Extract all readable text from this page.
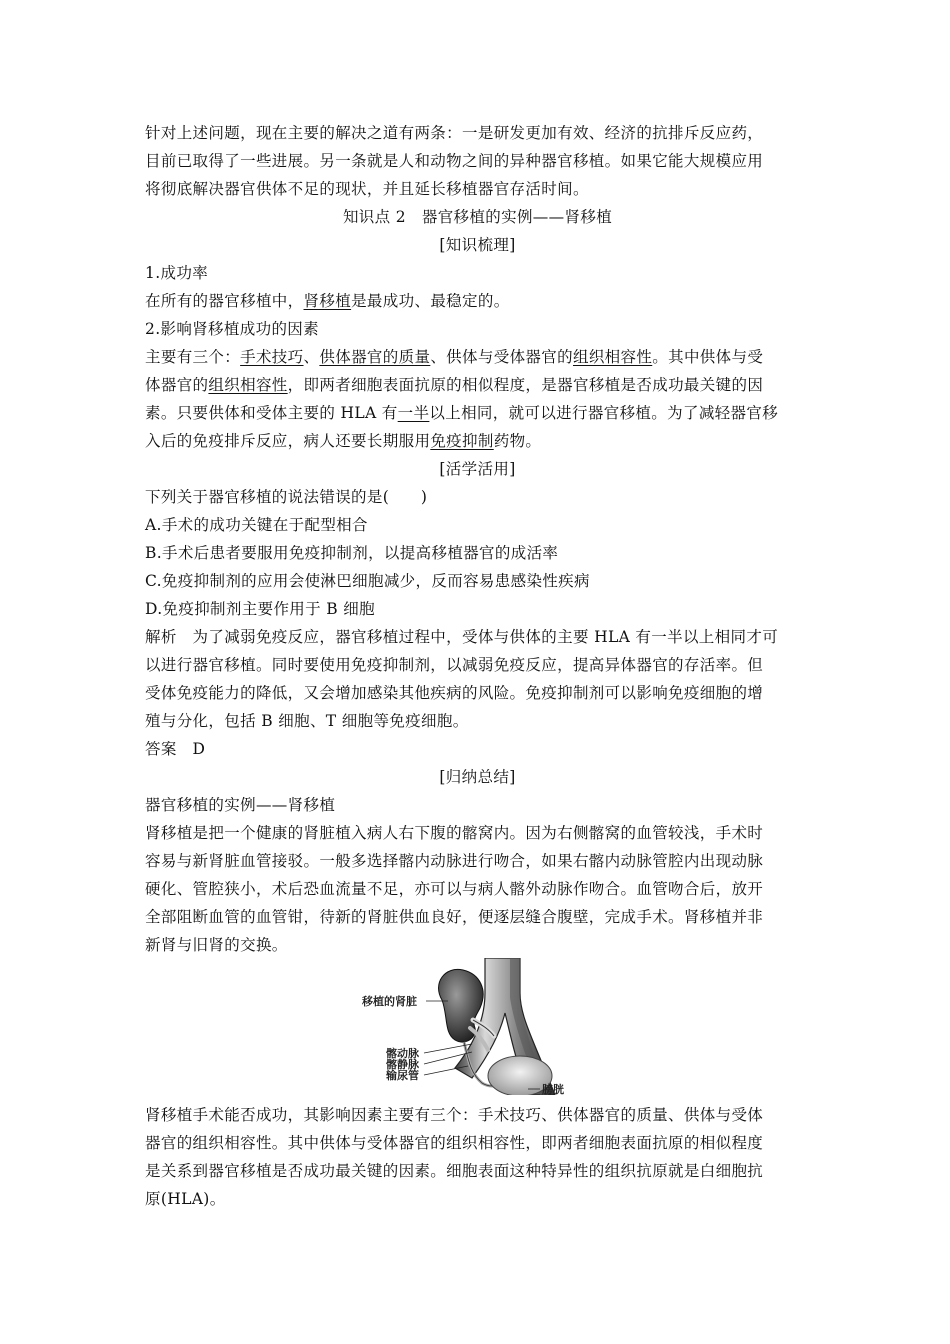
针对上述问题，现在主要的解决之道有两条：一是研发更加有效、经济的抗排斥反应药，
目前已取得了一些进展。另一条就是人和动物之间的异种器官移植。如果它能大规模应用
将彻底解决器官供体不足的现状，并且延长移植器官存活时间。
知识点 2　器官移植的实例——肾移植
[知识梳理]
1.成功率
在所有的器官移植中，肾移植是最成功、最稳定的。
2.影响肾移植成功的因素
主要有三个：手术技巧、供体器官的质量、供体与受体器官的组织相容性。其中供体与受
体器官的组织相容性，即两者细胞表面抗原的相似程度，是器官移植是否成功最关键的因
素。只要供体和受体主要的 HLA 有一半以上相同，就可以进行器官移植。为了减轻器官移
入后的免疫排斥反应，病人还要长期服用免疫抑制药物。
[活学活用]
下列关于器官移植的说法错误的是(　　)
A.手术的成功关键在于配型相合
B.手术后患者要服用免疫抑制剂，以提高移植器官的成活率
C.免疫抑制剂的应用会使淋巴细胞减少，反而容易患感染性疾病
D.免疫抑制剂主要作用于 B 细胞
解析　为了减弱免疫反应，器官移植过程中，受体与供体的主要 HLA 有一半以上相同才可
以进行器官移植。同时要使用免疫抑制剂，以减弱免疫反应，提高异体器官的存活率。但
受体免疫能力的降低，又会增加感染其他疾病的风险。免疫抑制剂可以影响免疫细胞的增
殖与分化，包括 B 细胞、T 细胞等免疫细胞。
答案　D
[归纳总结]
器官移植的实例——肾移植
肾移植是把一个健康的肾脏植入病人右下腹的髂窝内。因为右侧髂窝的血管较浅，手术时
容易与新肾脏血管接驳。一般多选择髂内动脉进行吻合，如果右髂内动脉管腔内出现动脉
硬化、管腔狭小，术后恐血流量不足，亦可以与病人髂外动脉作吻合。血管吻合后，放开
全部阻断血管的血管钳，待新的肾脏供血良好，便逐层缝合腹壁，完成手术。肾移植并非
新肾与旧肾的交换。
移植的肾脏
髂动脉
髂静脉
输尿管
膀胱
肾移植手术能否成功，其影响因素主要有三个：手术技巧、供体器官的质量、供体与受体
器官的组织相容性。其中供体与受体器官的组织相容性，即两者细胞表面抗原的相似程度
是关系到器官移植是否成功最关键的因素。细胞表面这种特异性的组织抗原就是白细胞抗
原(HLA)。
